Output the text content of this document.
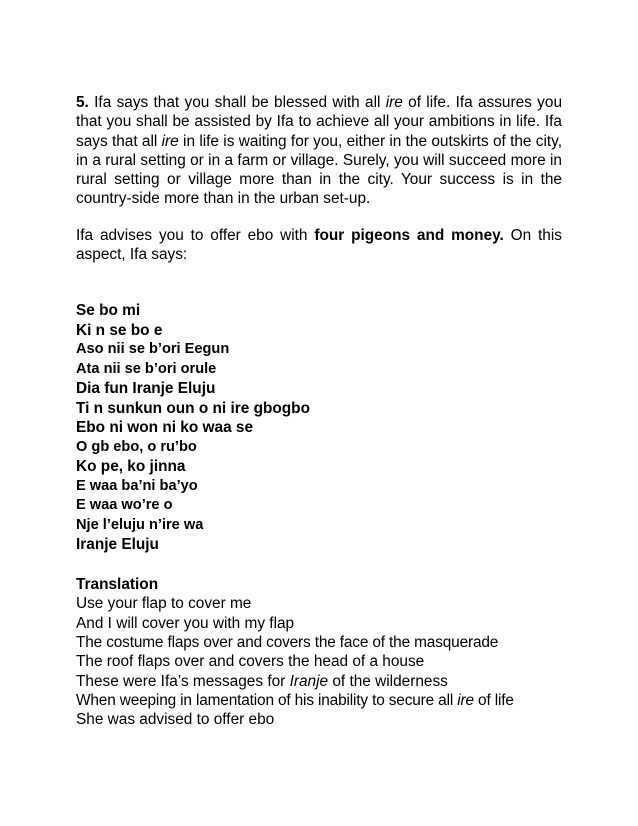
5. Ifa says that you shall be blessed with all ire of life. Ifa assures you that you shall be assisted by Ifa to achieve all your ambitions in life. Ifa says that all ire in life is waiting for you, either in the outskirts of the city, in a rural setting or in a farm or village. Surely, you will succeed more in rural setting or village more than in the city. Your success is in the country-side more than in the urban set-up.

Ifa advises you to offer ebo with four pigeons and money. On this aspect, Ifa says:

Se bo mi
Ki n se bo e
Aso nii se b’ori Eegun
Ata nii se b’ori orule
Dia fun Iranje Eluju
Ti n sunkun oun o ni ire gbogbo
Ebo ni won ni ko waa se
O gb ebo, o ru’bo
Ko pe, ko jinna
E waa ba’ni ba’yo
E waa wo’re o
Nje l’eluju n’ire wa
Iranje Eluju
Translation
Use your flap to cover me
And I will cover you with my flap
The costume flaps over and covers the face of the masquerade
The roof flaps over and covers the head of a house
These were Ifa’s messages for Iranje of the wilderness
When weeping in lamentation of his inability to secure all ire of life
She was advised to offer ebo
